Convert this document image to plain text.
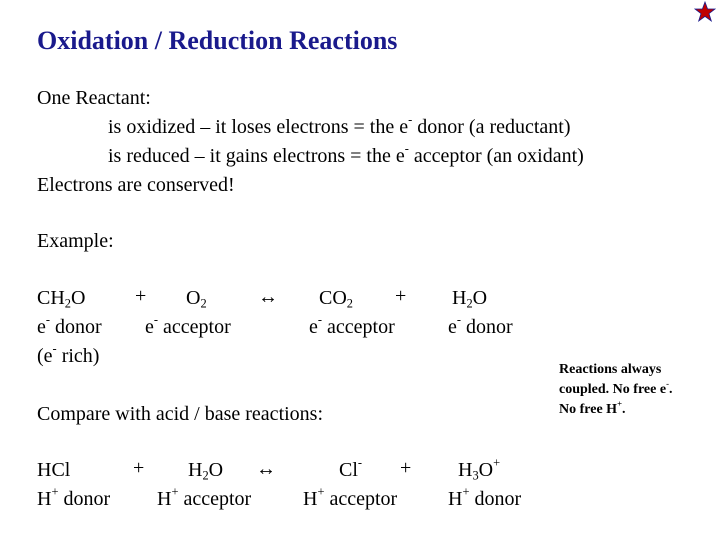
Oxidation / Reduction Reactions
One Reactant:
is oxidized – it loses electrons = the e- donor (a reductant)
is reduced – it gains electrons = the e- acceptor (an oxidant)
Electrons are conserved!
Example:
$CH_2O + O_2$	↔ $CO_2 + H_2O$
e- donor e- acceptor	e- acceptor	e- donor
(e- rich)
Reactions always
coupled. No free e-.
No free H+.
Compare with acid / base reactions:
HCl	+ $H_2O$ ↔	$Cl^- + H_3O^+$
H+ donor H+ acceptor	H+ acceptor	H+ donor
